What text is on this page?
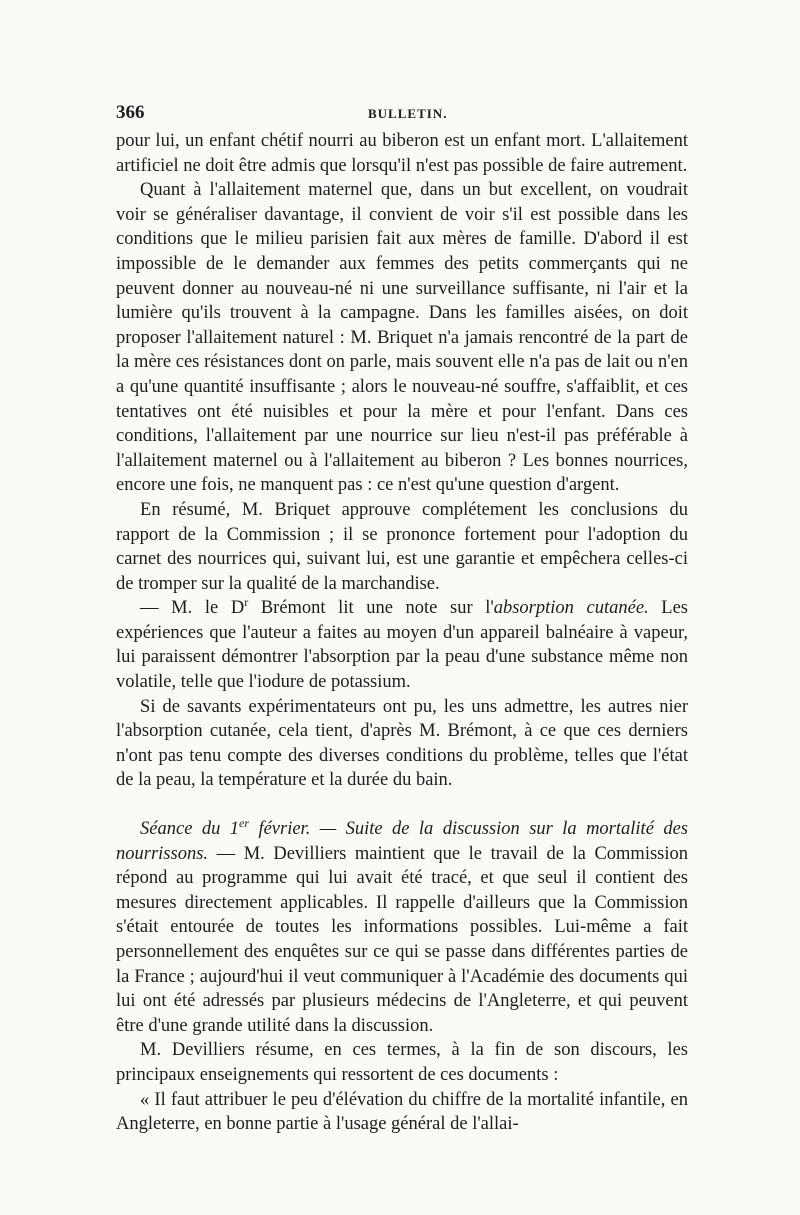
366	BULLETIN.

pour lui, un enfant chétif nourri au biberon est un enfant mort. L'allaitement artificiel ne doit être admis que lorsqu'il n'est pas possible de faire autrement.

Quant à l'allaitement maternel que, dans un but excellent, on voudrait voir se généraliser davantage, il convient de voir s'il est possible dans les conditions que le milieu parisien fait aux mères de famille. D'abord il est impossible de le demander aux femmes des petits commerçants qui ne peuvent donner au nouveau-né ni une surveillance suffisante, ni l'air et la lumière qu'ils trouvent à la campagne. Dans les familles aisées, on doit proposer l'allaitement naturel : M. Briquet n'a jamais rencontré de la part de la mère ces résistances dont on parle, mais souvent elle n'a pas de lait ou n'en a qu'une quantité insuffisante ; alors le nouveau-né souffre, s'affaiblit, et ces tentatives ont été nuisibles et pour la mère et pour l'enfant. Dans ces conditions, l'allaitement par une nourrice sur lieu n'est-il pas préférable à l'allaitement maternel ou à l'allaitement au biberon ? Les bonnes nourrices, encore une fois, ne manquent pas : ce n'est qu'une question d'argent.

En résumé, M. Briquet approuve complétement les conclusions du rapport de la Commission ; il se prononce fortement pour l'adoption du carnet des nourrices qui, suivant lui, est une garantie et empêchera celles-ci de tromper sur la qualité de la marchandise.

— M. le $D^r$ Brémont lit une note sur l'absorption cutanée. Les expériences que l'auteur a faites au moyen d'un appareil balnéaire à vapeur, lui paraissent démontrer l'absorption par la peau d'une substance même non volatile, telle que l'iodure de potassium.

Si de savants expérimentateurs ont pu, les uns admettre, les autres nier l'absorption cutanée, cela tient, d'après M. Brémont, à ce que ces derniers n'ont pas tenu compte des diverses conditions du problème, telles que l'état de la peau, la température et la durée du bain.

Séance du 1er février. — Suite de la discussion sur la mortalité des nourrissons. — M. Devilliers maintient que le travail de la Commission répond au programme qui lui avait été tracé, et que seul il contient des mesures directement applicables. Il rappelle d'ailleurs que la Commission s'était entourée de toutes les informations possibles. Lui-même a fait personnellement des enquêtes sur ce qui se passe dans différentes parties de la France ; aujourd'hui il veut communiquer à l'Académie des documents qui lui ont été adressés par plusieurs médecins de l'Angleterre, et qui peuvent être d'une grande utilité dans la discussion.

M. Devilliers résume, en ces termes, à la fin de son discours, les principaux enseignements qui ressortent de ces documents :

« Il faut attribuer le peu d'élévation du chiffre de la mortalité infantile, en Angleterre, en bonne partie à l'usage général de l'allai-
